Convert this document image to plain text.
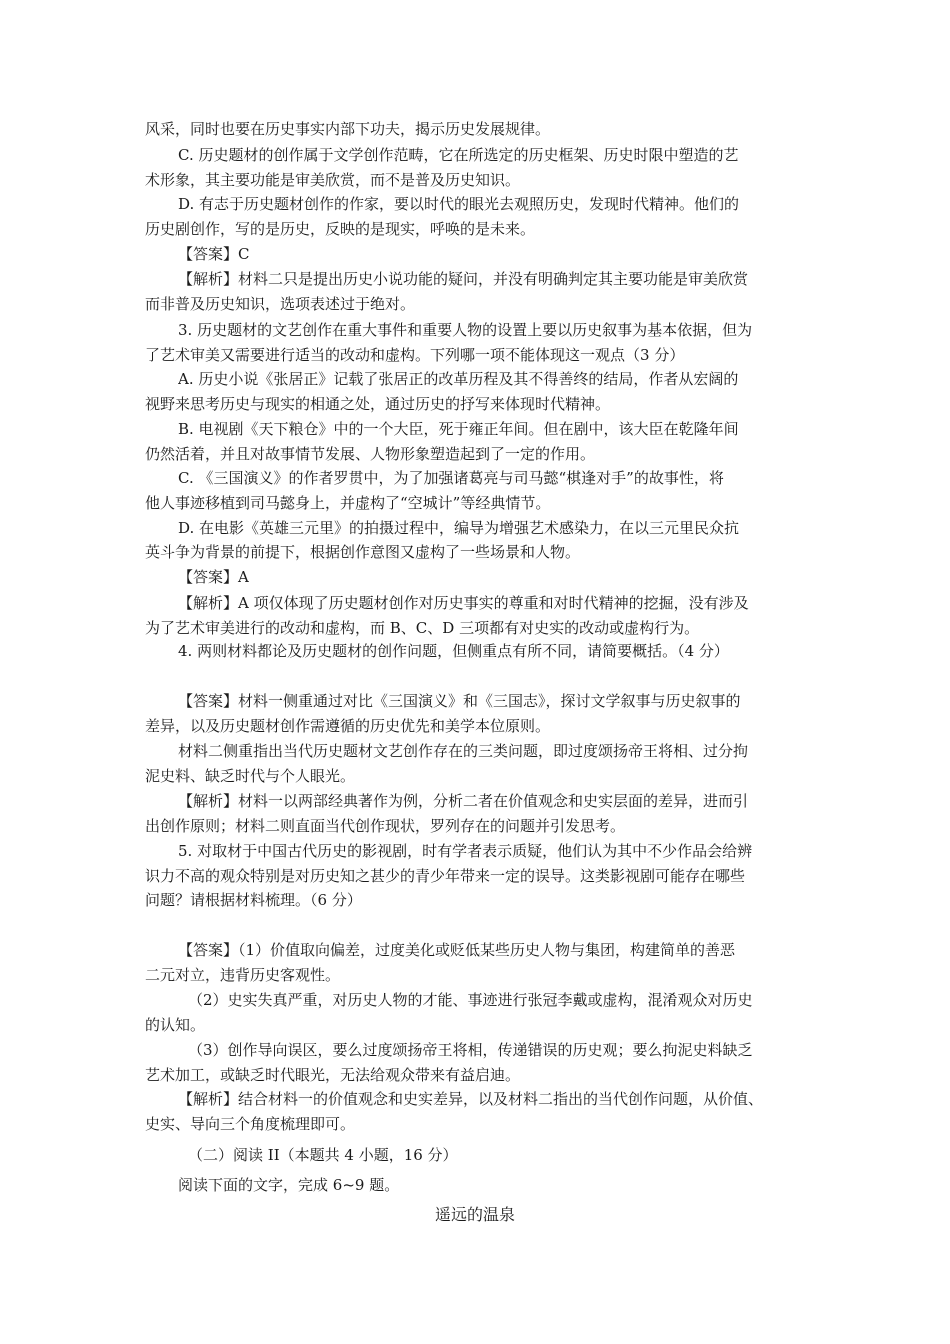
风采，同时也要在历史事实内部下功夫，揭示历史发展规律。
C. 历史题材的创作属于文学创作范畴，它在所选定的历史框架、历史时限中塑造的艺
术形象，其主要功能是审美欣赏，而不是普及历史知识。
D. 有志于历史题材创作的作家，要以时代的眼光去观照历史，发现时代精神。他们的
历史剧创作，写的是历史，反映的是现实，呼唤的是未来。
【答案】C
【解析】材料二只是提出历史小说功能的疑问，并没有明确判定其主要功能是审美欣赏
而非普及历史知识，选项表述过于绝对。
3. 历史题材的文艺创作在重大事件和重要人物的设置上要以历史叙事为基本依据，但为
了艺术审美又需要进行适当的改动和虚构。下列哪一项不能体现这一观点（3 分）
A. 历史小说《张居正》记载了张居正的改革历程及其不得善终的结局，作者从宏阔的
视野来思考历史与现实的相通之处，通过历史的抒写来体现时代精神。
B. 电视剧《天下粮仓》中的一个大臣，死于雍正年间。但在剧中，该大臣在乾隆年间
仍然活着，并且对故事情节发展、人物形象塑造起到了一定的作用。
C. 《三国演义》的作者罗贯中，为了加强诸葛亮与司马懿“棋逢对手”的故事性，将
他人事迹移植到司马懿身上，并虚构了“空城计”等经典情节。
D. 在电影《英雄三元里》的拍摄过程中，编导为增强艺术感染力，在以三元里民众抗
英斗争为背景的前提下，根据创作意图又虚构了一些场景和人物。
【答案】A
【解析】A 项仅体现了历史题材创作对历史事实的尊重和对时代精神的挖掘，没有涉及
为了艺术审美进行的改动和虚构，而 B、C、D 三项都有对史实的改动或虚构行为。
4. 两则材料都论及历史题材的创作问题，但侧重点有所不同，请简要概括。（4 分）
【答案】材料一侧重通过对比《三国演义》和《三国志》，探讨文学叙事与历史叙事的
差异，以及历史题材创作需遵循的历史优先和美学本位原则。
材料二侧重指出当代历史题材文艺创作存在的三类问题，即过度颂扬帝王将相、过分拘
泥史料、缺乏时代与个人眼光。
【解析】材料一以两部经典著作为例，分析二者在价值观念和史实层面的差异，进而引
出创作原则；材料二则直面当代创作现状，罗列存在的问题并引发思考。
5. 对取材于中国古代历史的影视剧，时有学者表示质疑，他们认为其中不少作品会给辨
识力不高的观众特别是对历史知之甚少的青少年带来一定的误导。这类影视剧可能存在哪些
问题？请根据材料梳理。（6 分）
【答案】（1）价值取向偏差，过度美化或贬低某些历史人物与集团，构建简单的善恶
二元对立，违背历史客观性。
（2）史实失真严重，对历史人物的才能、事迹进行张冠李戴或虚构，混淆观众对历史
的认知。
（3）创作导向误区，要么过度颂扬帝王将相，传递错误的历史观；要么拘泥史料缺乏
艺术加工，或缺乏时代眼光，无法给观众带来有益启迪。
【解析】结合材料一的价值观念和史实差异，以及材料二指出的当代创作问题，从价值、
史实、导向三个角度梳理即可。
（二）阅读 II（本题共 4 小题，16 分）
阅读下面的文字，完成 6~9 题。
遥远的温泉
